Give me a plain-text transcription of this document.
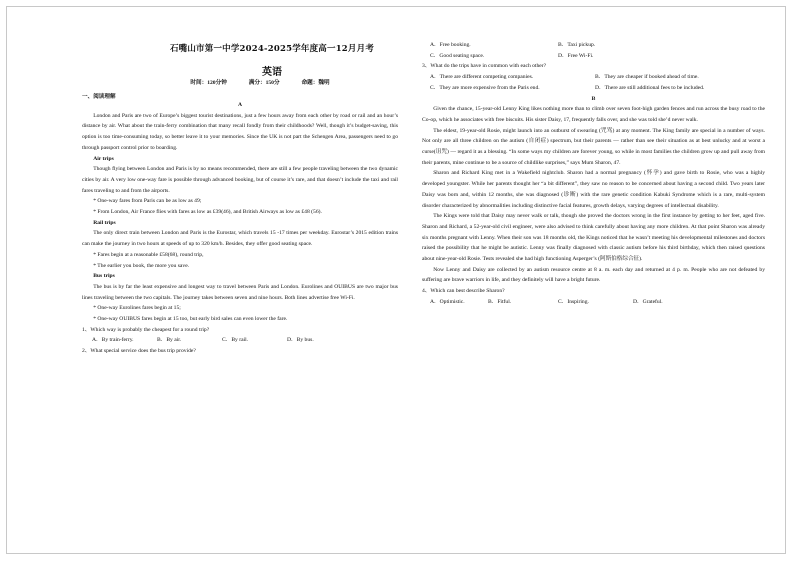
石嘴山市第一中学2024-2025学年度高一12月月考
英语
时间：120分钟	满分：150分	命题：魏明
一、阅读理解
A

London and Paris are two of Europe’s biggest tourist destinations, just a few hours away from each other by road or rail and an hour’s distance by air. What about the train-ferry combination that many recall fondly from their childhoods? Well, though it’s budget-saving, this option is too time-consuming today, so better leave it to your memories. Since the UK is not part the Schengen Area, passengers need to go through passport control prior to boarding.

Air trips

Though flying between London and Paris is by no means recommended, there are still a few people traveling between the two dynamic cities by air. A very low one-way fare is possible through advanced booking, but of course it’s rare, and that doesn’t include the taxi and rail fares traveling to and from the airports.

* One-way fares from Paris can be as low as 49;

* From London, Air France flies with fares as low as £39(46), and British Airways as low as £48 (56).

Rail trips

The only direct train between London and Paris is the Eurostar, which travels 15 -17 times per weekday. Eurostar’s 2015 edition trains can make the journey in two hours at speeds of up to 320 km/h. Besides, they offer good seating space.

* Fares begin at a reasonable £58(68), round trip,

* The earlier you book, the more you save.

Bus trips

The bus is by far the least expensive and longest way to travel between Paris and London. Eurolines and OUIBUS are two major bus lines traveling between the two capitals. The journey takes between seven and nine hours. Both lines advertise free Wi-Fi.

* One-way Eurolines fares begin at 15;

* One-way OUIBUS fares begin at 15 too, but early bird sales can even lower the fare.

1、Which way is probably the cheapest for a round trip?

A．By train-ferry.	B．By air.	C．By rail.	D．By bus.

2、What special service does the bus trip provide?

A．Free booking.	B．Taxi pickup.
C．Good seating space.	D．Free Wi-Fi.

3、What do the trips have in common with each other?

A．There are different competing companies.	B．They are cheaper if booked ahead of time.
C．They are more expensive from the Paris end.	D．There are still additional fees to be included.
B

Given the chance, 15-year-old Lenny King likes nothing more than to climb over seven foot-high garden fences and run across the busy road to the Co-op, which he associates with free biscuits. His sister Daisy, 17, frequently falls over, and she was told she’d never walk.

The eldest, 19-year-old Rosie, might launch into an outburst of swearing (咒骂) at any moment. The King family are special in a number of ways. Not only are all three children on the autism (自闭症) spectrum, but their parents — rather than see their situation as at best unlucky and at worst a curse(诅咒) — regard it as a blessing. “In some ways my children are forever young, so while in most families the children grow up and pull away from their parents, mine continue to be a source of childlike surprises,” says Mum Sharon, 47.

Sharon and Richard King met in a Wakefield nightclub. Sharon had a normal pregnancy (怀孕) and gave birth to Rosie, who was a highly developed youngster. While her parents thought her “a bit different”, they saw no reason to be concerned about having a second child. Two years later Daisy was born and, within 12 months, she was diagnosed (诊断) with the rare genetic condition Kabuki Syndrome which is a rare, multi-system disorder characterized by abnormalities including distinctive facial features, growth delays, varying degrees of intellectual disability.

The Kings were told that Daisy may never walk or talk, though she proved the doctors wrong in the first instance by getting to her feet, aged five. Sharon and Richard, a 52-year-old civil engineer, were also advised to think carefully about having any more children. At that point Sharon was already six months pregnant with Lenny. When their son was 18 months old, the Kings noticed that he wasn’t meeting his developmental milestones and doctors raised the possibility that he might be autistic. Lenny was finally diagnosed with classic autism before his third birthday, which then raised questions about nine-year-old Rosie. Tests revealed she had high functioning Asperger’s (阿斯伯格综合征).

Now Lenny and Daisy are collected by an autism resource centre at 8 a. m. each day and returned at 4 p. m. People who are not defeated by suffering are brave warriors in life, and they definitely will have a bright future.

4、Which can best describe Sharon?

A．Optimistic.	B．Fitful.	C．Inspiring.	D．Grateful.
